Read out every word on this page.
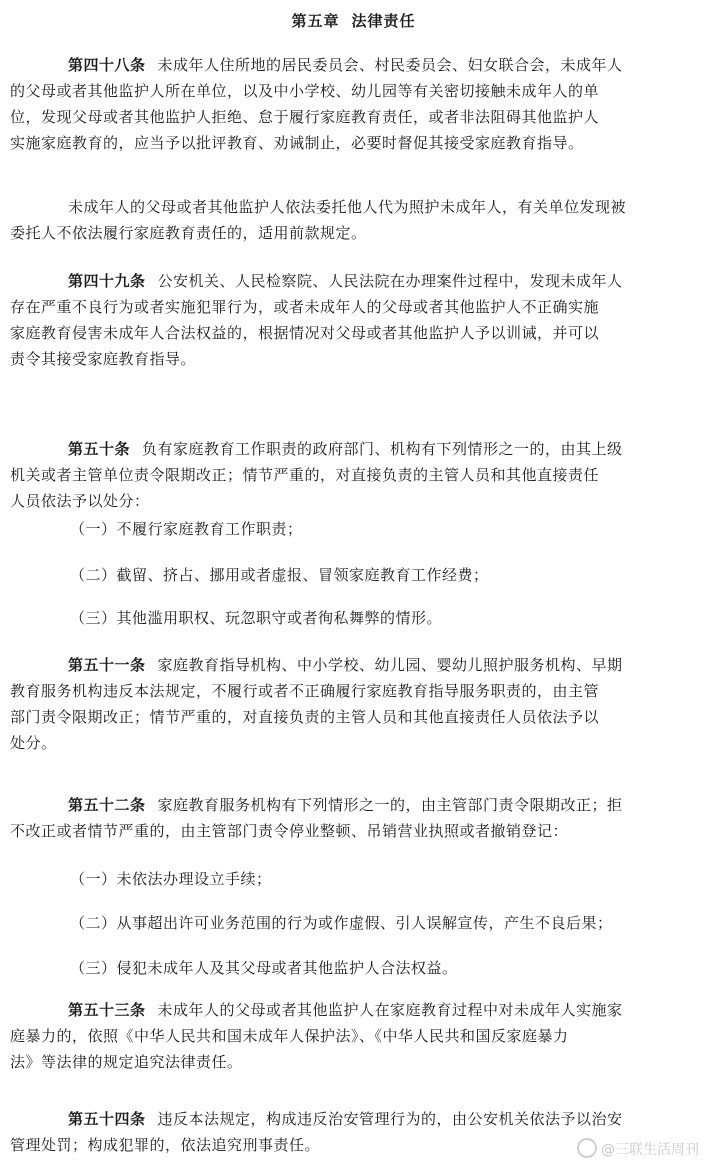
第五章 法律责任
第四十八条 未成年人住所地的居民委员会、村民委员会、妇女联合会，未成年人
的父母或者其他监护人所在单位，以及中小学校、幼儿园等有关密切接触未成年人的单
位，发现父母或者其他监护人拒绝、怠于履行家庭教育责任，或者非法阻碍其他监护人
实施家庭教育的，应当予以批评教育、劝诫制止，必要时督促其接受家庭教育指导。
未成年人的父母或者其他监护人依法委托他人代为照护未成年人，有关单位发现被
委托人不依法履行家庭教育责任的，适用前款规定。
第四十九条 公安机关、人民检察院、人民法院在办理案件过程中，发现未成年人
存在严重不良行为或者实施犯罪行为，或者未成年人的父母或者其他监护人不正确实施
家庭教育侵害未成年人合法权益的，根据情况对父母或者其他监护人予以训诫，并可以
责令其接受家庭教育指导。
第五十条 负有家庭教育工作职责的政府部门、机构有下列情形之一的，由其上级
机关或者主管单位责令限期改正；情节严重的，对直接负责的主管人员和其他直接责任
人员依法予以处分：
（一）不履行家庭教育工作职责；
（二）截留、挤占、挪用或者虚报、冒领家庭教育工作经费；
（三）其他滥用职权、玩忽职守或者徇私舞弊的情形。
第五十一条 家庭教育指导机构、中小学校、幼儿园、婴幼儿照护服务机构、早期
教育服务机构违反本法规定，不履行或者不正确履行家庭教育指导服务职责的，由主管
部门责令限期改正；情节严重的，对直接负责的主管人员和其他直接责任人员依法予以
处分。
第五十二条 家庭教育服务机构有下列情形之一的，由主管部门责令限期改正；拒
不改正或者情节严重的，由主管部门责令停业整顿、吊销营业执照或者撤销登记：
（一）未依法办理设立手续；
（二）从事超出许可业务范围的行为或作虚假、引人误解宣传，产生不良后果；
（三）侵犯未成年人及其父母或者其他监护人合法权益。
第五十三条 未成年人的父母或者其他监护人在家庭教育过程中对未成年人实施家
庭暴力的，依照《中华人民共和国未成年人保护法》、《中华人民共和国反家庭暴力
法》等法律的规定追究法律责任。
第五十四条 违反本法规定，构成违反治安管理行为的，由公安机关依法予以治安
管理处罚；构成犯罪的，依法追究刑事责任。	@三联生活周刊
